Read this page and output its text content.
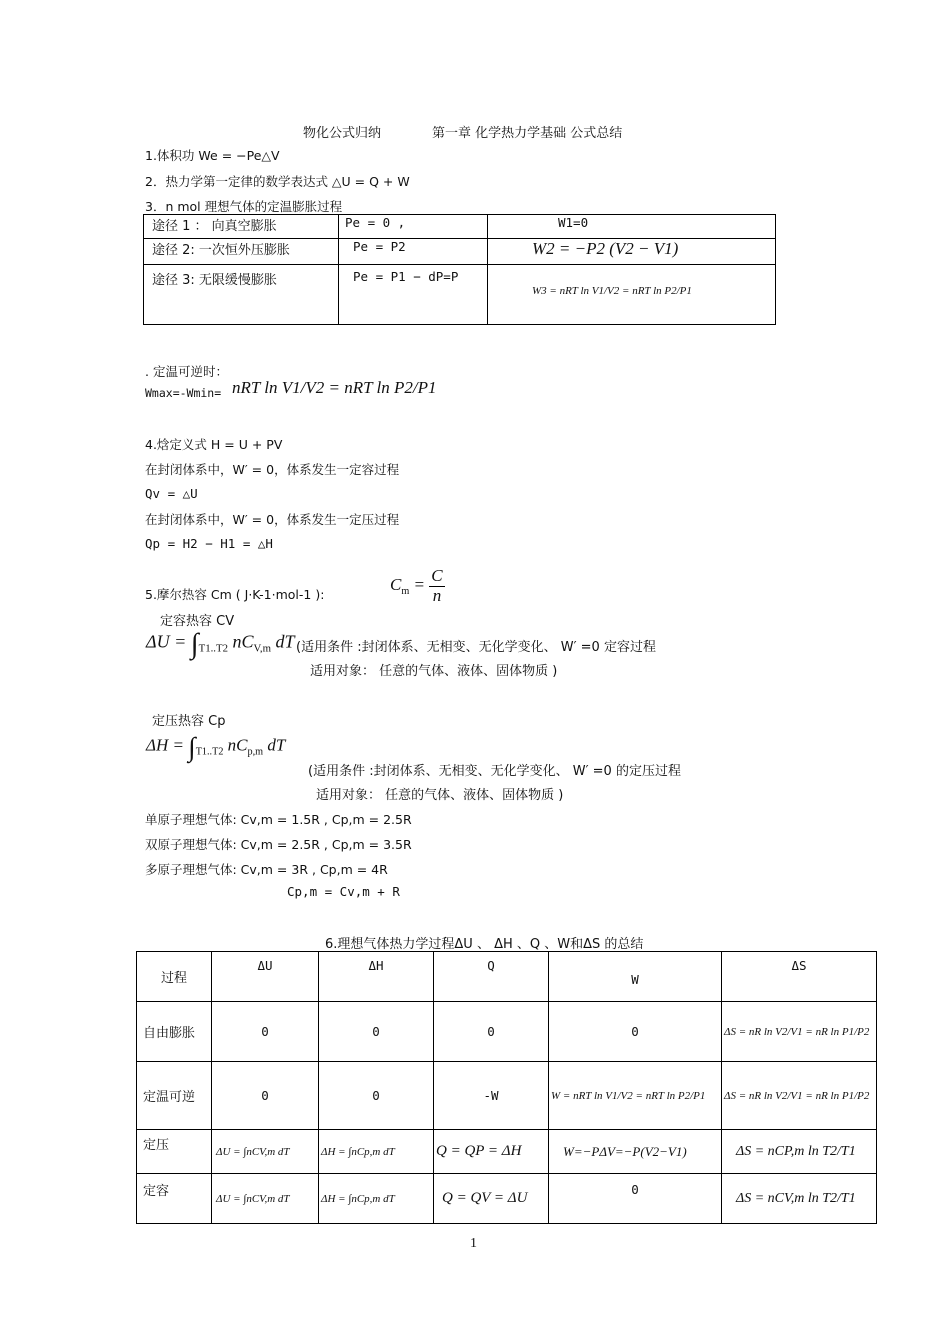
物化公式归纳	第一章 化学热力学基础 公式总结
1.体积功 We = −Pe△V
2．热力学第一定律的数学表达式 △U = Q + W
3．n mol 理想气体的定温膨胀过程
途径 1 ： 向真空膨胀	Pe = 0 ,	W1=0
途径 2: 一次恒外压膨胀	Pe = P2	W2 = −P2 (V2 − V1)
途径 3: 无限缓慢膨胀	Pe = P1 − dP=P	W3 = nRT ln V1/V2 = nRT ln P2/P1
. 定温可逆时：
Wmax=-Wmin= nRT ln V1/V2 = nRT ln P2/P1
4.焓定义式 H = U + PV
在封闭体系中，W′ = 0，体系发生一定容过程
Qv = △U
在封闭体系中，W′ = 0，体系发生一定压过程
Qp = H2 − H1 = △H
5.摩尔热容 Cm ( J·K-1·mol-1 ):
$C_m = \frac{C}{n}$
定容热容 CV
$\Delta U = \int_{T1..T2}$ $nC_{V,m}$ dT (适用条件 :封闭体系、无相变、无化学变化、 W′ =0 定容过程
适用对象： 任意的气体、液体、固体物质 )
定压热容 Cp
$\Delta H = \int_{T1..T2}$ $nC_{p,m}$ dT
(适用条件 :封闭体系、无相变、无化学变化、 W′ =0 的定压过程
适用对象： 任意的气体、液体、固体物质 )
单原子理想气体: Cv,m = 1.5R , Cp,m = 2.5R
双原子理想气体: Cv,m = 2.5R , Cp,m = 3.5R
多原子理想气体: Cv,m = 3R , Cp,m = 4R
Cp,m = Cv,m + R
6.理想气体热力学过程ΔU 、 ΔH 、Q 、W和ΔS 的总结
过程	ΔU	ΔH	Q	W	ΔS
自由膨胀	0	0	0	0	ΔS = nR ln V2/V1 = nR ln P1/P2
定温可逆	0	0	-W	W = nRT ln V1/V2 = nRT ln P2/P1	ΔS = nR ln V2/V1 = nR ln P1/P2
定压	ΔU = ∫nCV,m dT	ΔH = ∫nCp,m dT	Q = QP = ΔH	W=−PΔV=−P(V2−V1)	ΔS = nCP,m ln T2/T1
定容	ΔU = ∫nCV,m dT	ΔH = ∫nCp,m dT	Q = QV = ΔU	0	ΔS = nCV,m ln T2/T1
1
